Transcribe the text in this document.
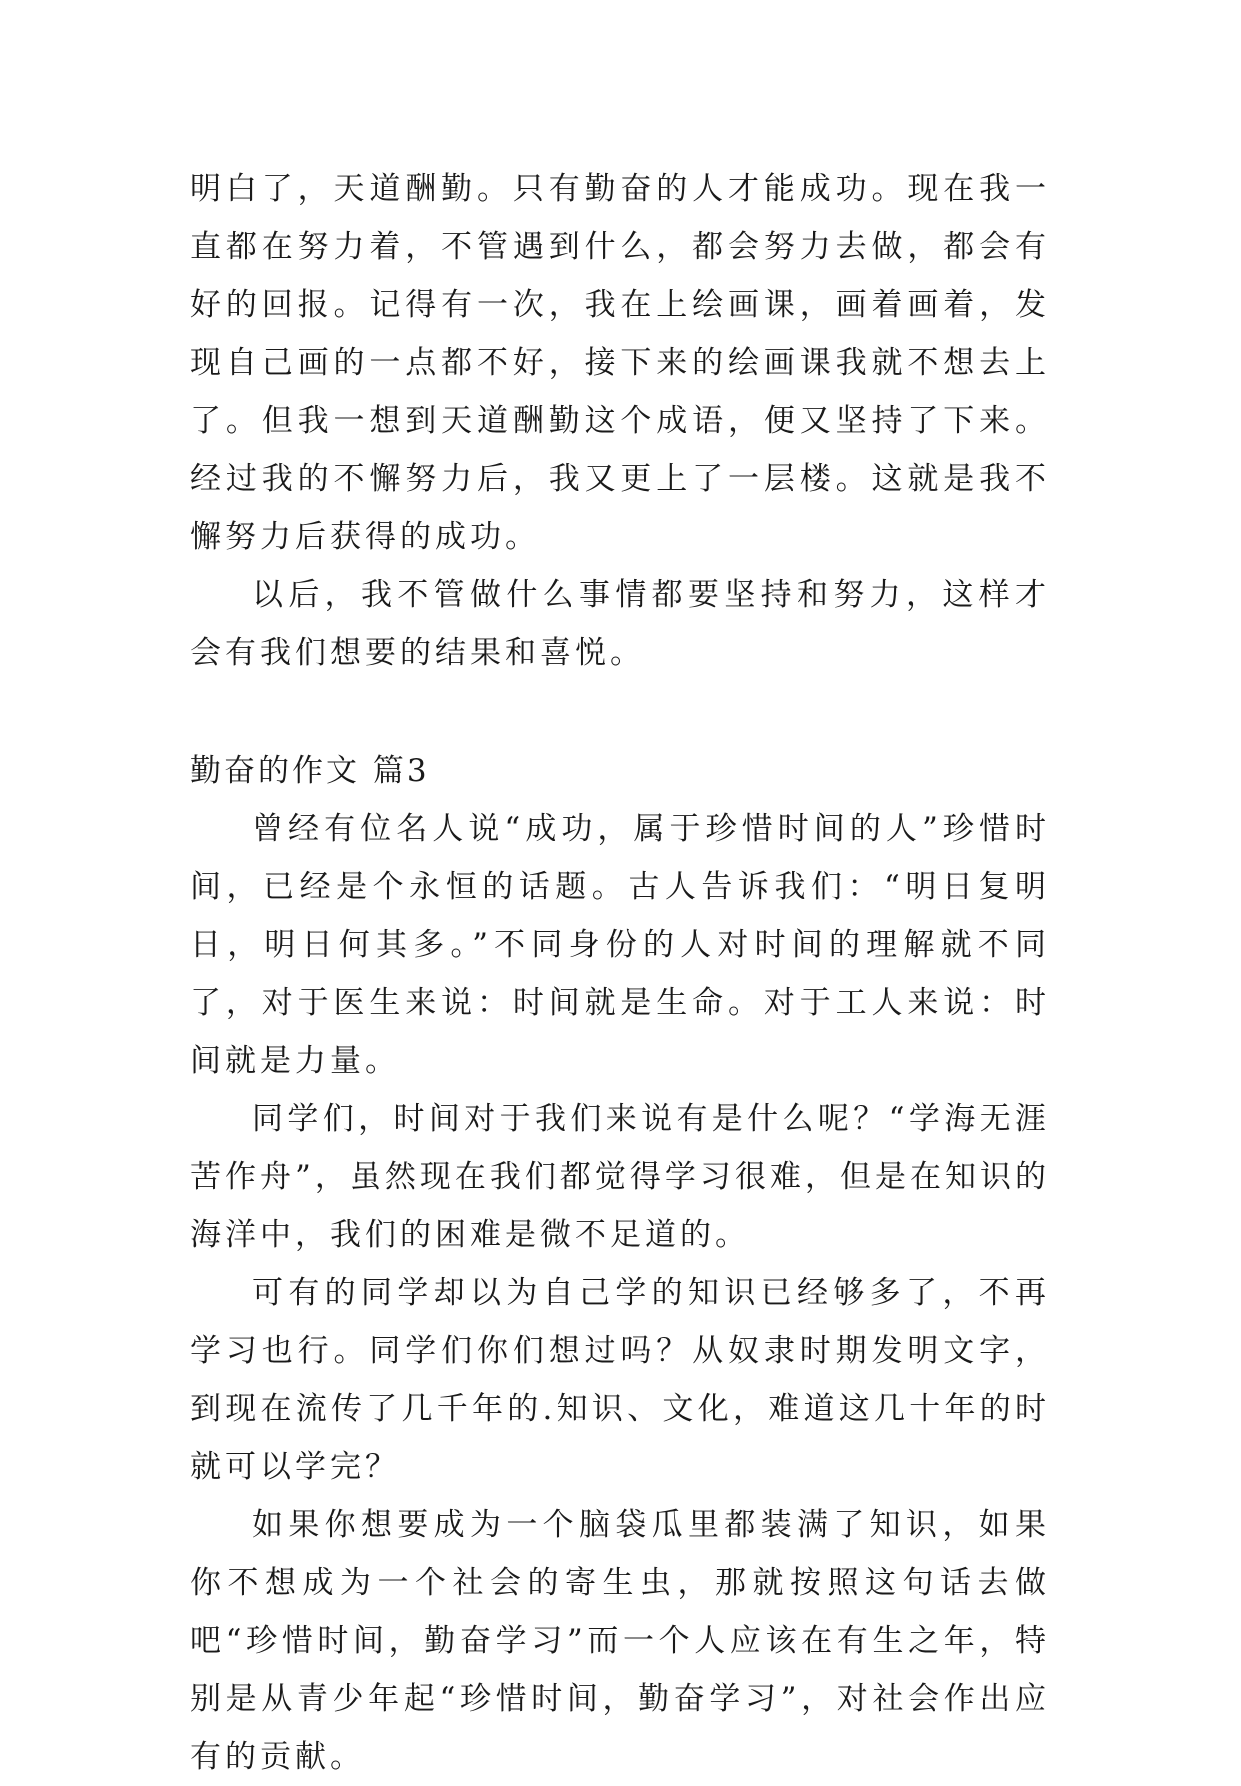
明白了，天道酬勤。只有勤奋的人才能成功。现在我一直都在努力着，不管遇到什么，都会努力去做，都会有好的回报。记得有一次，我在上绘画课，画着画着，发现自己画的一点都不好，接下来的绘画课我就不想去上了。但我一想到天道酬勤这个成语，便又坚持了下来。经过我的不懈努力后，我又更上了一层楼。这就是我不懈努力后获得的成功。

以后，我不管做什么事情都要坚持和努力，这样才会有我们想要的结果和喜悦。

勤奋的作文 篇3

曾经有位名人说“成功，属于珍惜时间的人”珍惜时间，已经是个永恒的话题。古人告诉我们：“明日复明日，明日何其多。”不同身份的人对时间的理解就不同了，对于医生来说：时间就是生命。对于工人来说：时间就是力量。

同学们，时间对于我们来说有是什么呢？“学海无涯苦作舟”，虽然现在我们都觉得学习很难，但是在知识的海洋中，我们的困难是微不足道的。

可有的同学却以为自己学的知识已经够多了，不再学习也行。同学们你们想过吗？从奴隶时期发明文字，到现在流传了几千年的.知识、文化，难道这几十年的时就可以学完？

如果你想要成为一个脑袋瓜里都装满了知识，如果你不想成为一个社会的寄生虫，那就按照这句话去做吧“珍惜时间，勤奋学习”而一个人应该在有生之年，特别是从青少年起“珍惜时间，勤奋学习”，对社会作出应有的贡献。
